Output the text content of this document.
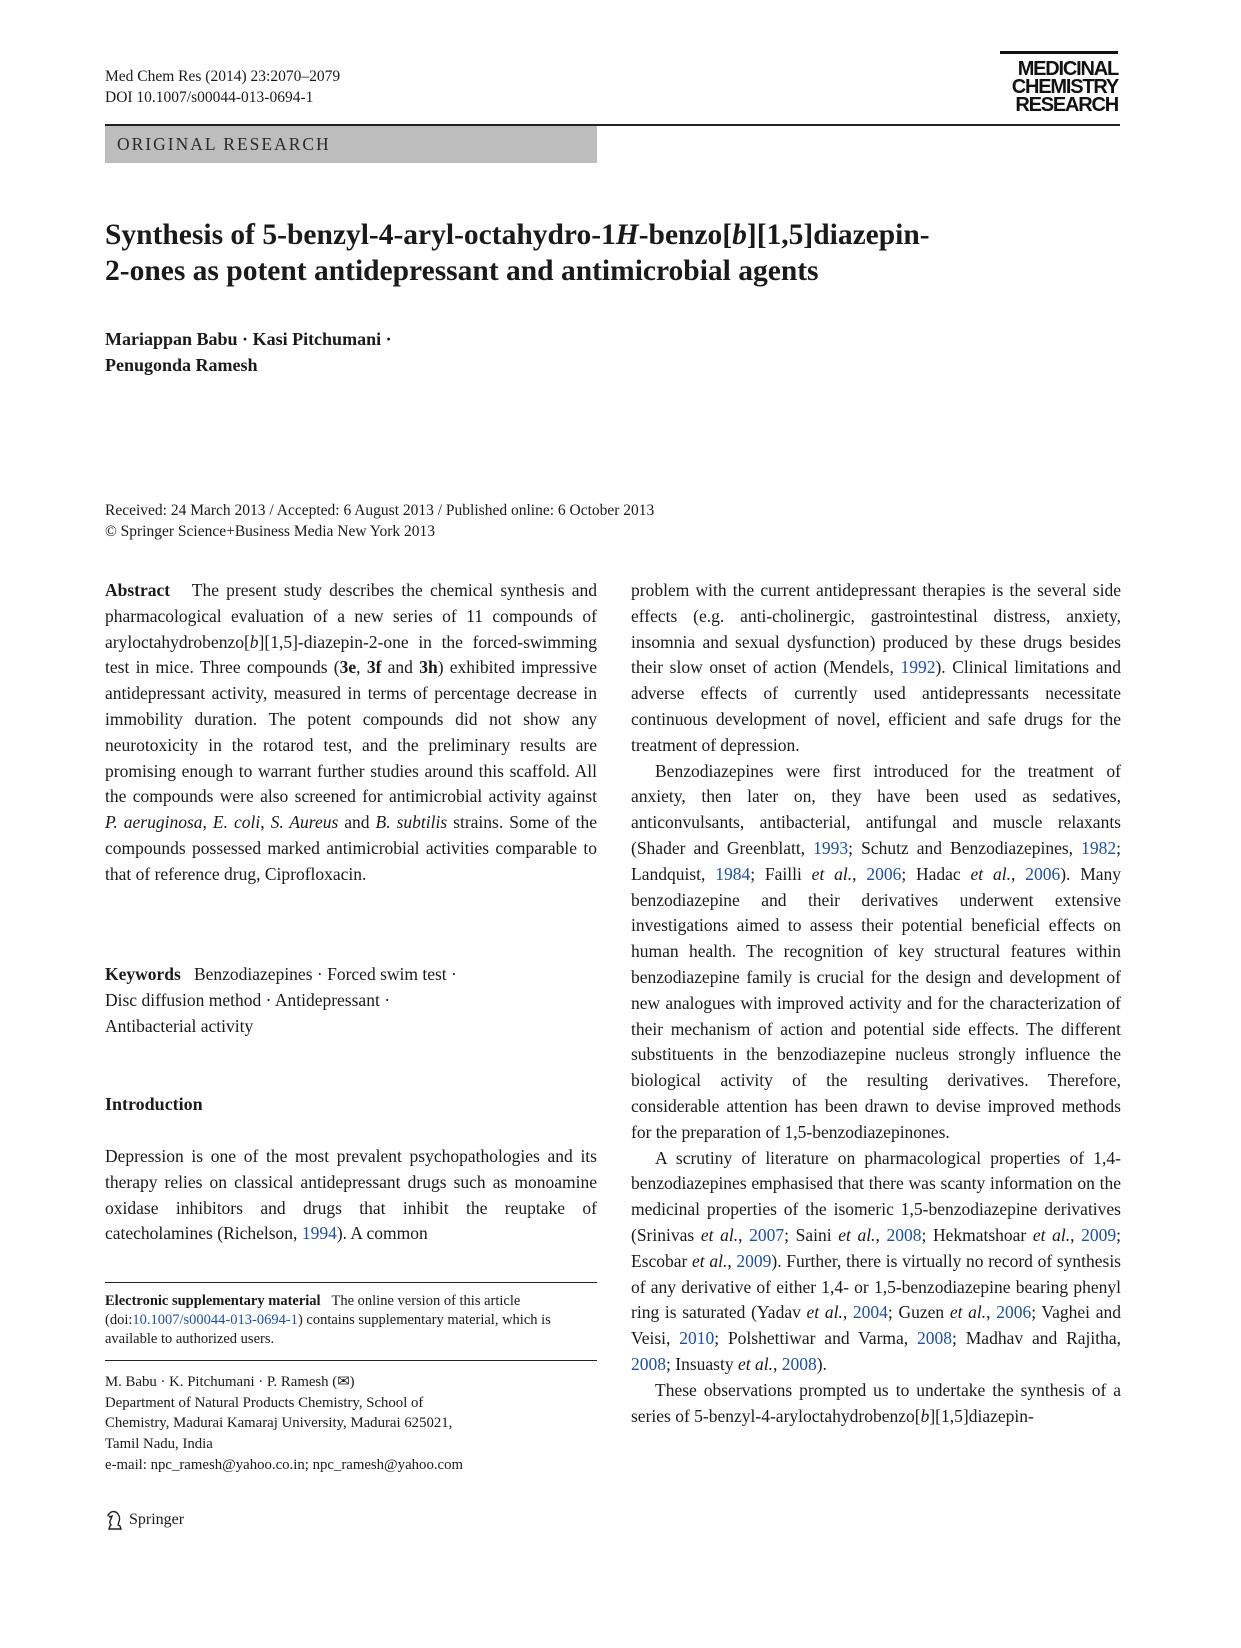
Med Chem Res (2014) 23:2070–2079
DOI 10.1007/s00044-013-0694-1
MEDICINAL
CHEMISTRY
RESEARCH
ORIGINAL RESEARCH
Synthesis of 5-benzyl-4-aryl-octahydro-1H-benzo[b][1,5]diazepin-
2-ones as potent antidepressant and antimicrobial agents
Mariappan Babu · Kasi Pitchumani ·
Penugonda Ramesh
Received: 24 March 2013 / Accepted: 6 August 2013 / Published online: 6 October 2013
© Springer Science+Business Media New York 2013

Abstract The present study describes the chemical synthesis and pharmacological evaluation of a new series of 11 compounds of aryloctahydrobenzo[b][1,5]-diazepin-2-one in the forced-swimming test in mice. Three compounds (3e, 3f and 3h) exhibited impressive antidepressant activity, measured in terms of percentage decrease in immobility duration. The potent compounds did not show any neurotoxicity in the rotarod test, and the preliminary results are promising enough to warrant further studies around this scaffold. All the compounds were also screened for antimicrobial activity against P. aeruginosa, E. coli, S. Aureus and B. subtilis strains. Some of the compounds possessed marked antimicrobial activities comparable to that of reference drug, Ciprofloxacin.

Keywords Benzodiazepines · Forced swim test ·
Disc diffusion method · Antidepressant ·
Antibacterial activity
Introduction

Depression is one of the most prevalent psychopathologies and its therapy relies on classical antidepressant drugs such as monoamine oxidase inhibitors and drugs that inhibit the reuptake of catecholamines (Richelson, 1994). A common

Electronic supplementary material The online version of this article (doi:10.1007/s00044-013-0694-1) contains supplementary material, which is available to authorized users.
M. Babu · K. Pitchumani · P. Ramesh (✉)
Department of Natural Products Chemistry, School of
Chemistry, Madurai Kamaraj University, Madurai 625021,
Tamil Nadu, India
e-mail: npc_ramesh@yahoo.co.in; npc_ramesh@yahoo.com

problem with the current antidepressant therapies is the several side effects (e.g. anti-cholinergic, gastrointestinal distress, anxiety, insomnia and sexual dysfunction) produced by these drugs besides their slow onset of action (Mendels, 1992). Clinical limitations and adverse effects of currently used antidepressants necessitate continuous development of novel, efficient and safe drugs for the treatment of depression.

Benzodiazepines were first introduced for the treatment of anxiety, then later on, they have been used as sedatives, anticonvulsants, antibacterial, antifungal and muscle relaxants (Shader and Greenblatt, 1993; Schutz and Benzodiazepines, 1982; Landquist, 1984; Failli et al., 2006; Hadac et al., 2006). Many benzodiazepine and their derivatives underwent extensive investigations aimed to assess their potential beneficial effects on human health. The recognition of key structural features within benzodiazepine family is crucial for the design and development of new analogues with improved activity and for the characterization of their mechanism of action and potential side effects. The different substituents in the benzodiazepine nucleus strongly influence the biological activity of the resulting derivatives. Therefore, considerable attention has been drawn to devise improved methods for the preparation of 1,5-benzodiazepinones.

A scrutiny of literature on pharmacological properties of 1,4-benzodiazepines emphasised that there was scanty information on the medicinal properties of the isomeric 1,5-benzodiazepine derivatives (Srinivas et al., 2007; Saini et al., 2008; Hekmatshoar et al., 2009; Escobar et al., 2009). Further, there is virtually no record of synthesis of any derivative of either 1,4- or 1,5-benzodiazepine bearing phenyl ring is saturated (Yadav et al., 2004; Guzen et al., 2006; Vaghei and Veisi, 2010; Polshettiwar and Varma, 2008; Madhav and Rajitha, 2008; Insuasty et al., 2008).

These observations prompted us to undertake the synthesis of a series of 5-benzyl-4-aryloctahydrobenzo[b][1,5]diazepin-

Springer
